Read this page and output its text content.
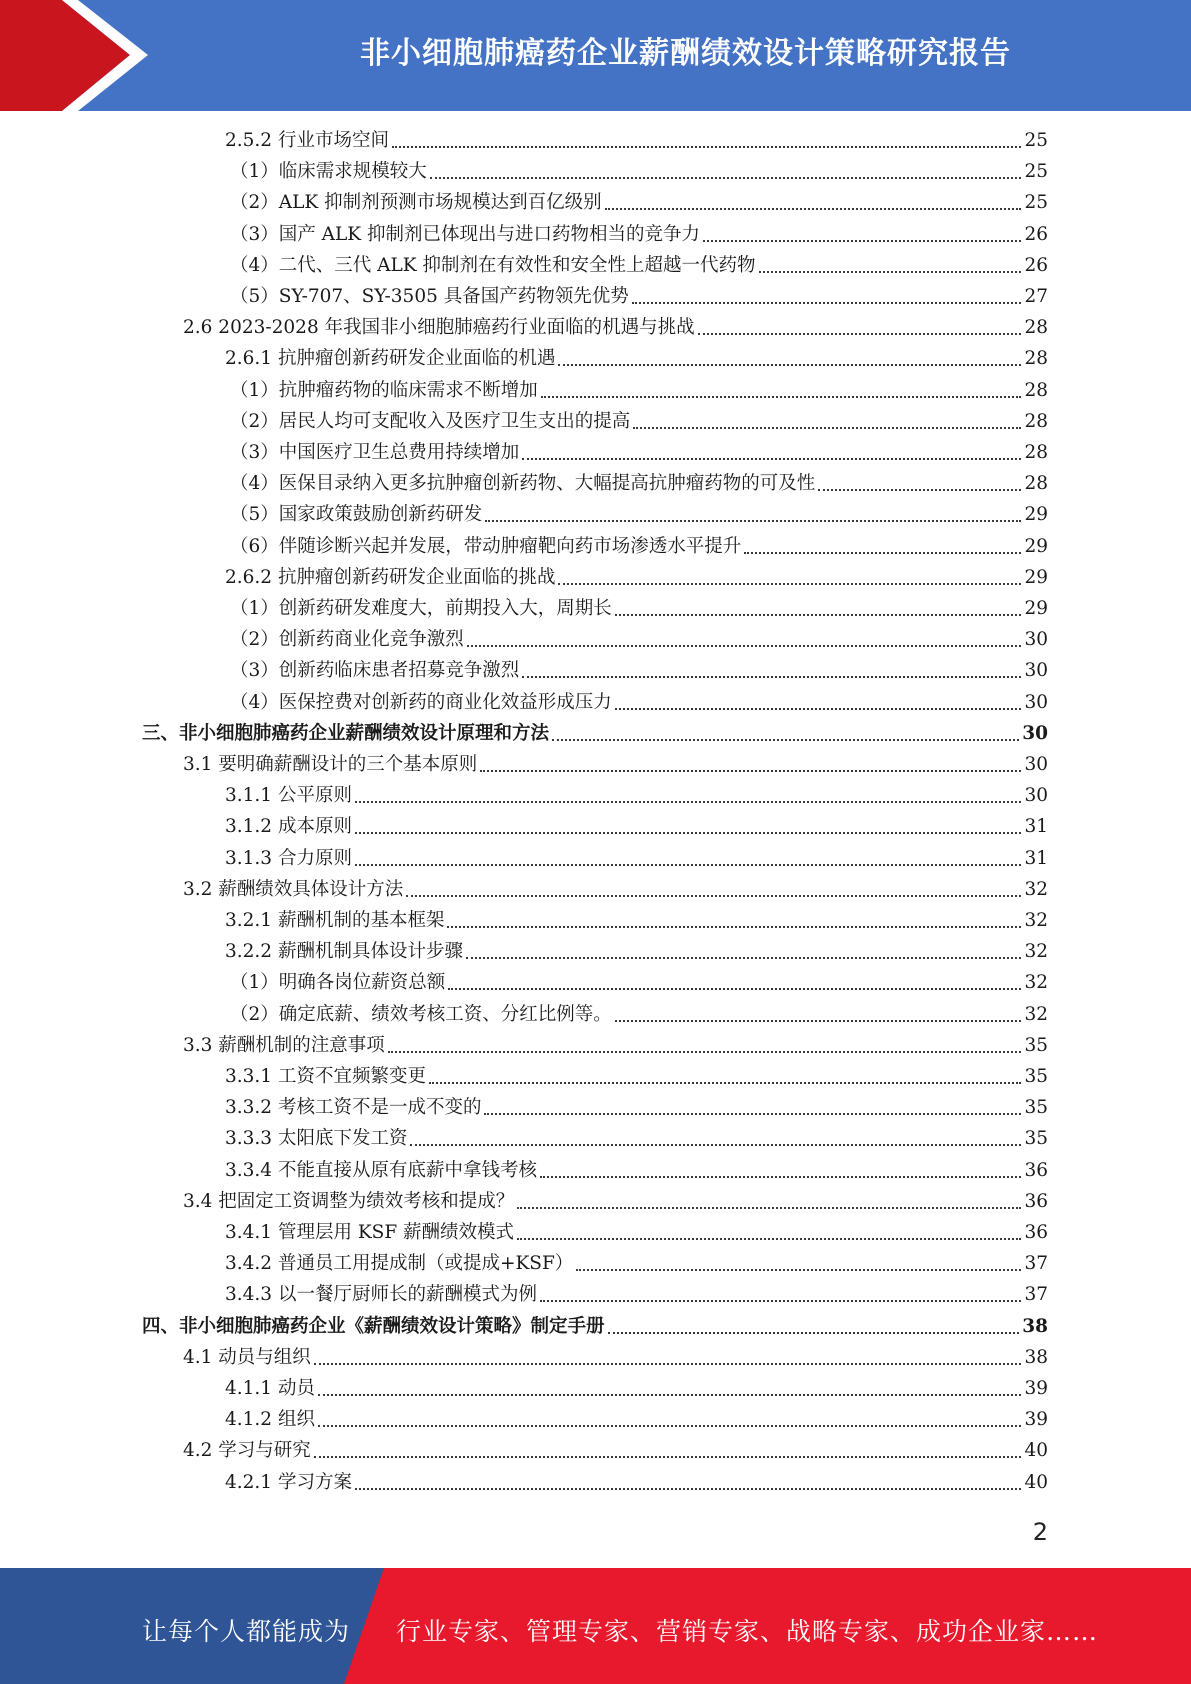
非小细胞肺癌药企业薪酬绩效设计策略研究报告
2.5.2 行业市场空间	25
（1）临床需求规模较大	25
（2）ALK 抑制剂预测市场规模达到百亿级别	25
（3）国产 ALK 抑制剂已体现出与进口药物相当的竞争力	26
（4）二代、三代 ALK 抑制剂在有效性和安全性上超越一代药物	26
（5）SY-707、SY-3505 具备国产药物领先优势	27
2.6 2023-2028 年我国非小细胞肺癌药行业面临的机遇与挑战	28
2.6.1 抗肿瘤创新药研发企业面临的机遇	28
（1）抗肿瘤药物的临床需求不断增加	28
（2）居民人均可支配收入及医疗卫生支出的提高	28
（3）中国医疗卫生总费用持续增加	28
（4）医保目录纳入更多抗肿瘤创新药物、大幅提高抗肿瘤药物的可及性	28
（5）国家政策鼓励创新药研发	29
（6）伴随诊断兴起并发展，带动肿瘤靶向药市场渗透水平提升	29
2.6.2 抗肿瘤创新药研发企业面临的挑战	29
（1）创新药研发难度大，前期投入大，周期长	29
（2）创新药商业化竞争激烈	30
（3）创新药临床患者招募竞争激烈	30
（4）医保控费对创新药的商业化效益形成压力	30
三、非小细胞肺癌药企业薪酬绩效设计原理和方法	30
3.1 要明确薪酬设计的三个基本原则	30
3.1.1 公平原则	30
3.1.2 成本原则	31
3.1.3 合力原则	31
3.2 薪酬绩效具体设计方法	32
3.2.1 薪酬机制的基本框架	32
3.2.2 薪酬机制具体设计步骤	32
（1）明确各岗位薪资总额	32
（2）确定底薪、绩效考核工资、分红比例等。	32
3.3 薪酬机制的注意事项	35
3.3.1 工资不宜频繁变更	35
3.3.2 考核工资不是一成不变的	35
3.3.3 太阳底下发工资	35
3.3.4 不能直接从原有底薪中拿钱考核	36
3.4 把固定工资调整为绩效考核和提成？	36
3.4.1 管理层用 KSF 薪酬绩效模式	36
3.4.2 普通员工用提成制（或提成+KSF）	37
3.4.3 以一餐厅厨师长的薪酬模式为例	37
四、非小细胞肺癌药企业《薪酬绩效设计策略》制定手册	38
4.1 动员与组织	38
4.1.1 动员	39
4.1.2 组织	39
4.2 学习与研究	40
4.2.1 学习方案	40
2
让每个人都能成为 行业专家、管理专家、营销专家、战略专家、成功企业家……
